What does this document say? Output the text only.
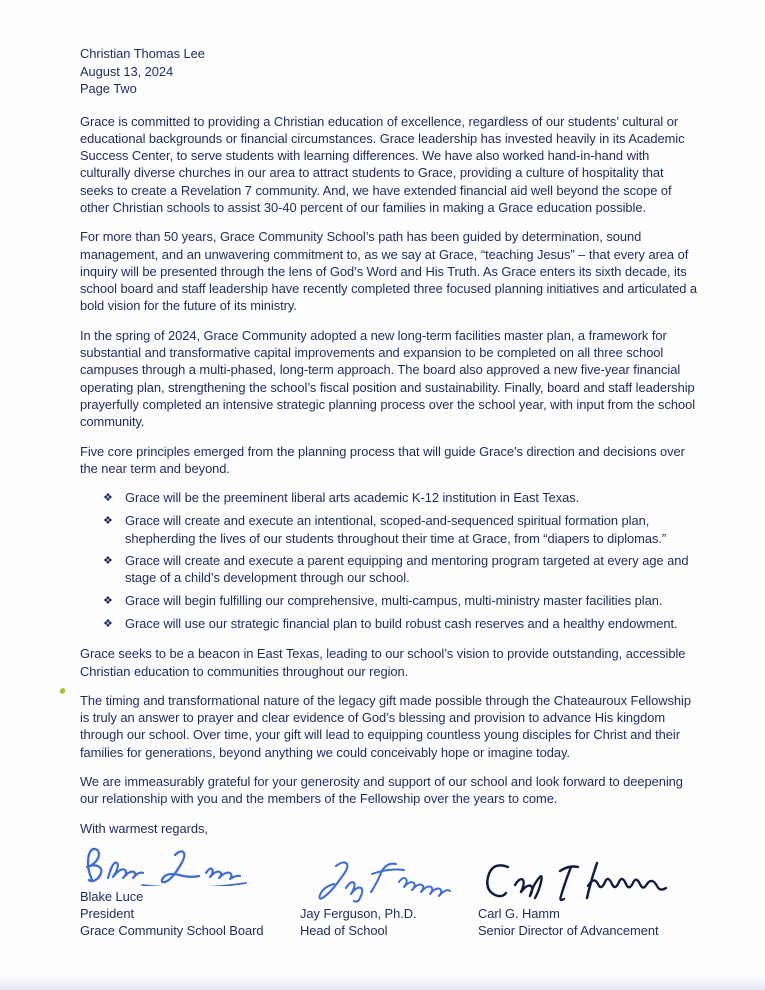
Christian Thomas Lee
August 13, 2024
Page Two

Grace is committed to providing a Christian education of excellence, regardless of our students’ cultural or educational backgrounds or financial circumstances. Grace leadership has invested heavily in its Academic Success Center, to serve students with learning differences. We have also worked hand-in-hand with culturally diverse churches in our area to attract students to Grace, providing a culture of hospitality that seeks to create a Revelation 7 community. And, we have extended financial aid well beyond the scope of other Christian schools to assist 30-40 percent of our families in making a Grace education possible.

For more than 50 years, Grace Community School’s path has been guided by determination, sound management, and an unwavering commitment to, as we say at Grace, “teaching Jesus” – that every area of inquiry will be presented through the lens of God’s Word and His Truth. As Grace enters its sixth decade, its school board and staff leadership have recently completed three focused planning initiatives and articulated a bold vision for the future of its ministry.

In the spring of 2024, Grace Community adopted a new long-term facilities master plan, a framework for substantial and transformative capital improvements and expansion to be completed on all three school campuses through a multi-phased, long-term approach. The board also approved a new five-year financial operating plan, strengthening the school’s fiscal position and sustainability. Finally, board and staff leadership prayerfully completed an intensive strategic planning process over the school year, with input from the school community.

Five core principles emerged from the planning process that will guide Grace’s direction and decisions over the near term and beyond.

❖ Grace will be the preeminent liberal arts academic K-12 institution in East Texas.
❖ Grace will create and execute an intentional, scoped-and-sequenced spiritual formation plan, shepherding the lives of our students throughout their time at Grace, from “diapers to diplomas.”
❖ Grace will create and execute a parent equipping and mentoring program targeted at every age and stage of a child’s development through our school.
❖ Grace will begin fulfilling our comprehensive, multi-campus, multi-ministry master facilities plan.
❖ Grace will use our strategic financial plan to build robust cash reserves and a healthy endowment.

Grace seeks to be a beacon in East Texas, leading to our school’s vision to provide outstanding, accessible Christian education to communities throughout our region.

The timing and transformational nature of the legacy gift made possible through the Chateauroux Fellowship is truly an answer to prayer and clear evidence of God’s blessing and provision to advance His kingdom through our school. Over time, your gift will lead to equipping countless young disciples for Christ and their families for generations, beyond anything we could conceivably hope or imagine today.

We are immeasurably grateful for your generosity and support of our school and look forward to deepening our relationship with you and the members of the Fellowship over the years to come.

With warmest regards,
Blake Luce
President
Grace Community School Board
Jay Ferguson, Ph.D.
Head of School
Carl G. Hamm
Senior Director of Advancement
